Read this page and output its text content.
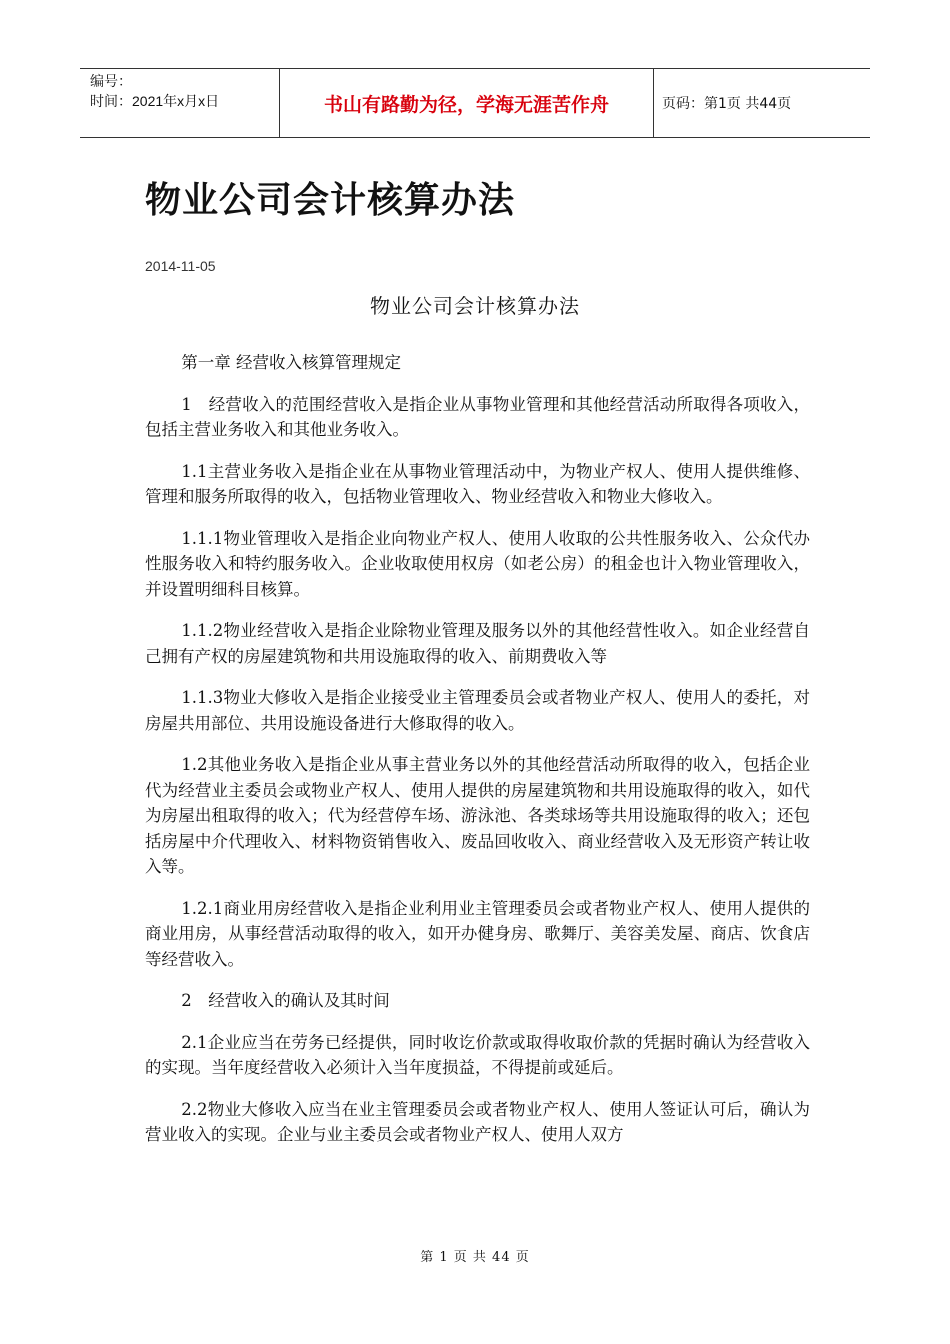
编号：
时间：2021年x月x日	书山有路勤为径，学海无涯苦作舟	页码：第1页 共44页
物业公司会计核算办法
2014-11-05
物业公司会计核算办法

第一章 经营收入核算管理规定

1　经营收入的范围经营收入是指企业从事物业管理和其他经营活动所取得各项收入，包括主营业务收入和其他业务收入。

1.1主营业务收入是指企业在从事物业管理活动中，为物业产权人、使用人提供维修、管理和服务所取得的收入，包括物业管理收入、物业经营收入和物业大修收入。

1.1.1物业管理收入是指企业向物业产权人、使用人收取的公共性服务收入、公众代办性服务收入和特约服务收入。企业收取使用权房（如老公房）的租金也计入物业管理收入，并设置明细科目核算。

1.1.2物业经营收入是指企业除物业管理及服务以外的其他经营性收入。如企业经营自己拥有产权的房屋建筑物和共用设施取得的收入、前期费收入等

1.1.3物业大修收入是指企业接受业主管理委员会或者物业产权人、使用人的委托，对房屋共用部位、共用设施设备进行大修取得的收入。

1.2其他业务收入是指企业从事主营业务以外的其他经营活动所取得的收入，包括企业代为经营业主委员会或物业产权人、使用人提供的房屋建筑物和共用设施取得的收入，如代为房屋出租取得的收入；代为经营停车场、游泳池、各类球场等共用设施取得的收入；还包括房屋中介代理收入、材料物资销售收入、废品回收收入、商业经营收入及无形资产转让收入等。

1.2.1商业用房经营收入是指企业利用业主管理委员会或者物业产权人、使用人提供的商业用房，从事经营活动取得的收入，如开办健身房、歌舞厅、美容美发屋、商店、饮食店等经营收入。

2　经营收入的确认及其时间

2.1企业应当在劳务已经提供，同时收讫价款或取得收取价款的凭据时确认为经营收入的实现。当年度经营收入必须计入当年度损益，不得提前或延后。

2.2物业大修收入应当在业主管理委员会或者物业产权人、使用人签证认可后，确认为营业收入的实现。企业与业主委员会或者物业产权人、使用人双方

第 1 页 共 44 页
